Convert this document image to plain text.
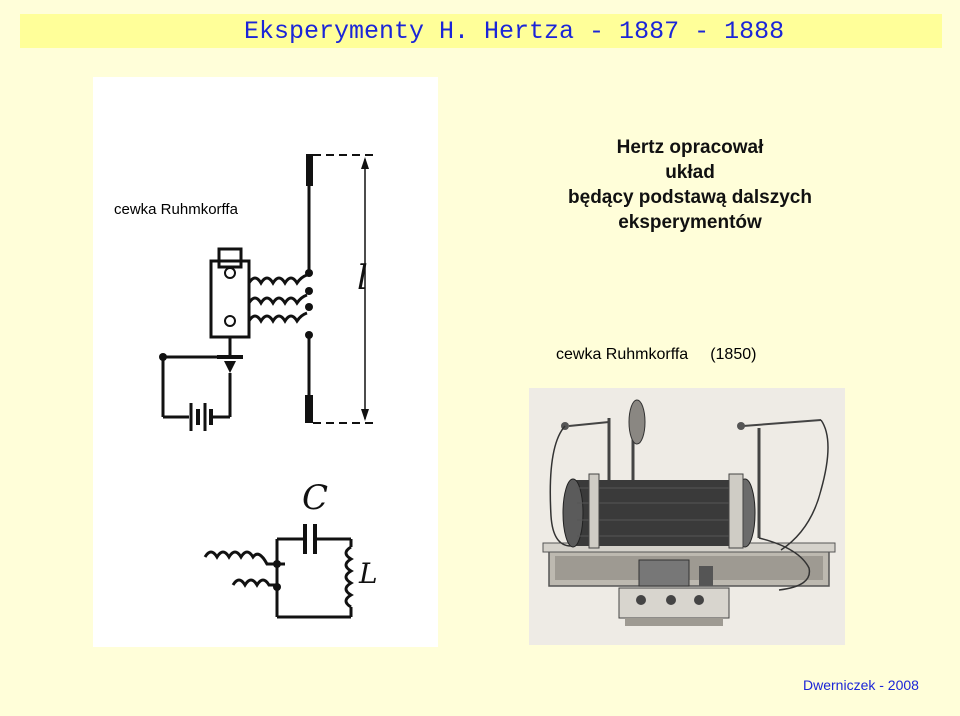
Eksperymenty H. Hertza - 1887 - 1888
l
C
L
cewka Ruhmkorffa
Hertz opracował
układ
będący podstawą dalszych
eksperymentów
cewka Ruhmkorffa (1850)
Dwerniczek - 2008
